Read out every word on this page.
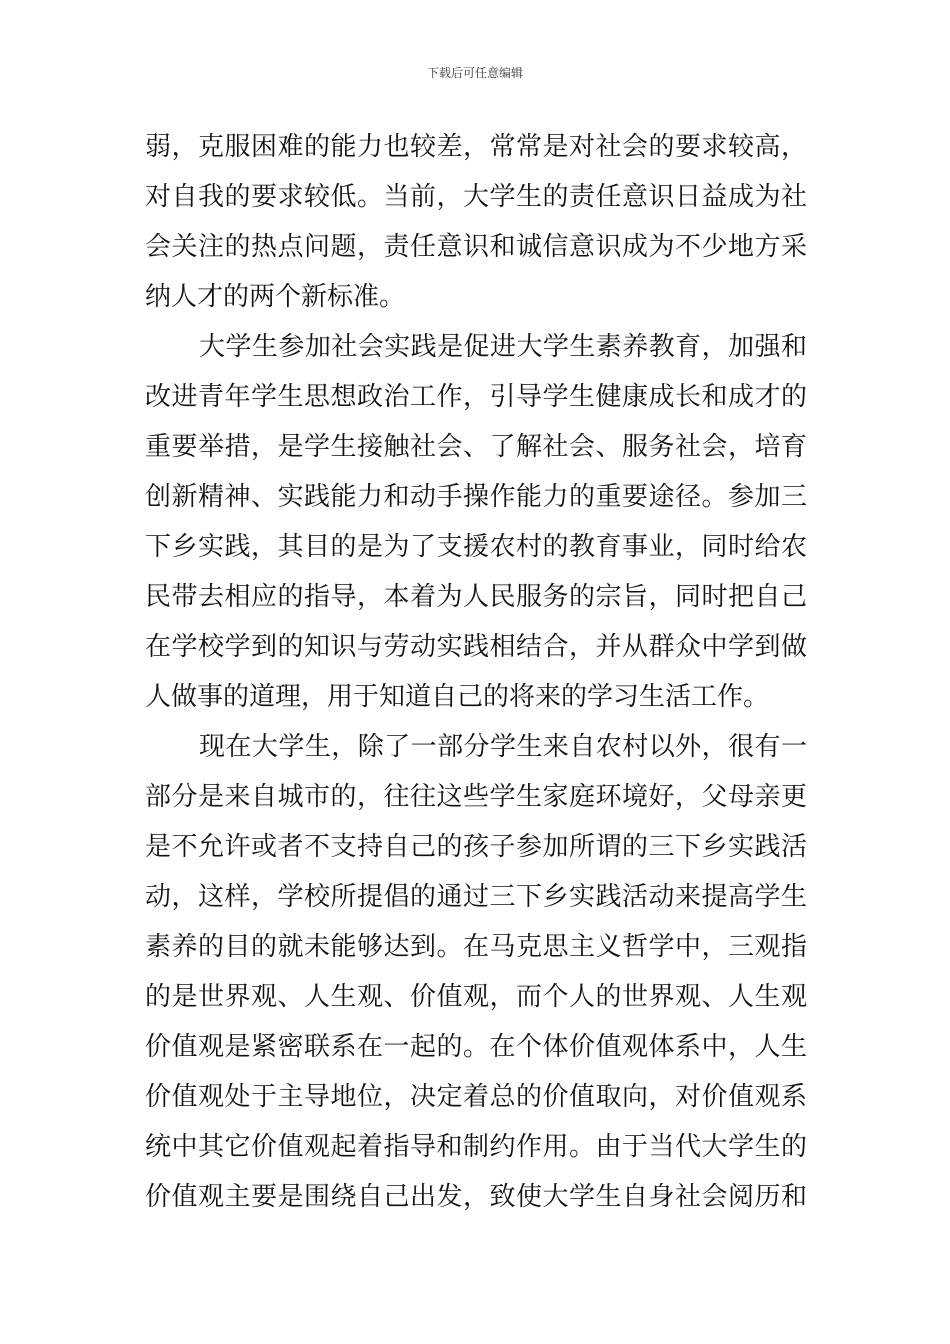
下载后可任意编辑
弱，克服困难的能力也较差，常常是对社会的要求较高，
对自我的要求较低。当前，大学生的责任意识日益成为社
会关注的热点问题，责任意识和诚信意识成为不少地方采
纳人才的两个新标准。
大学生参加社会实践是促进大学生素养教育，加强和
改进青年学生思想政治工作，引导学生健康成长和成才的
重要举措，是学生接触社会、了解社会、服务社会，培育
创新精神、实践能力和动手操作能力的重要途径。参加三
下乡实践，其目的是为了支援农村的教育事业，同时给农
民带去相应的指导，本着为人民服务的宗旨，同时把自己
在学校学到的知识与劳动实践相结合，并从群众中学到做
人做事的道理，用于知道自己的将来的学习生活工作。
现在大学生，除了一部分学生来自农村以外，很有一
部分是来自城市的，往往这些学生家庭环境好，父母亲更
是不允许或者不支持自己的孩子参加所谓的三下乡实践活
动，这样，学校所提倡的通过三下乡实践活动来提高学生
素养的目的就未能够达到。在马克思主义哲学中，三观指
的是世界观、人生观、价值观，而个人的世界观、人生观
价值观是紧密联系在一起的。在个体价值观体系中，人生
价值观处于主导地位，决定着总的价值取向，对价值观系
统中其它价值观起着指导和制约作用。由于当代大学生的
价值观主要是围绕自己出发，致使大学生自身社会阅历和
